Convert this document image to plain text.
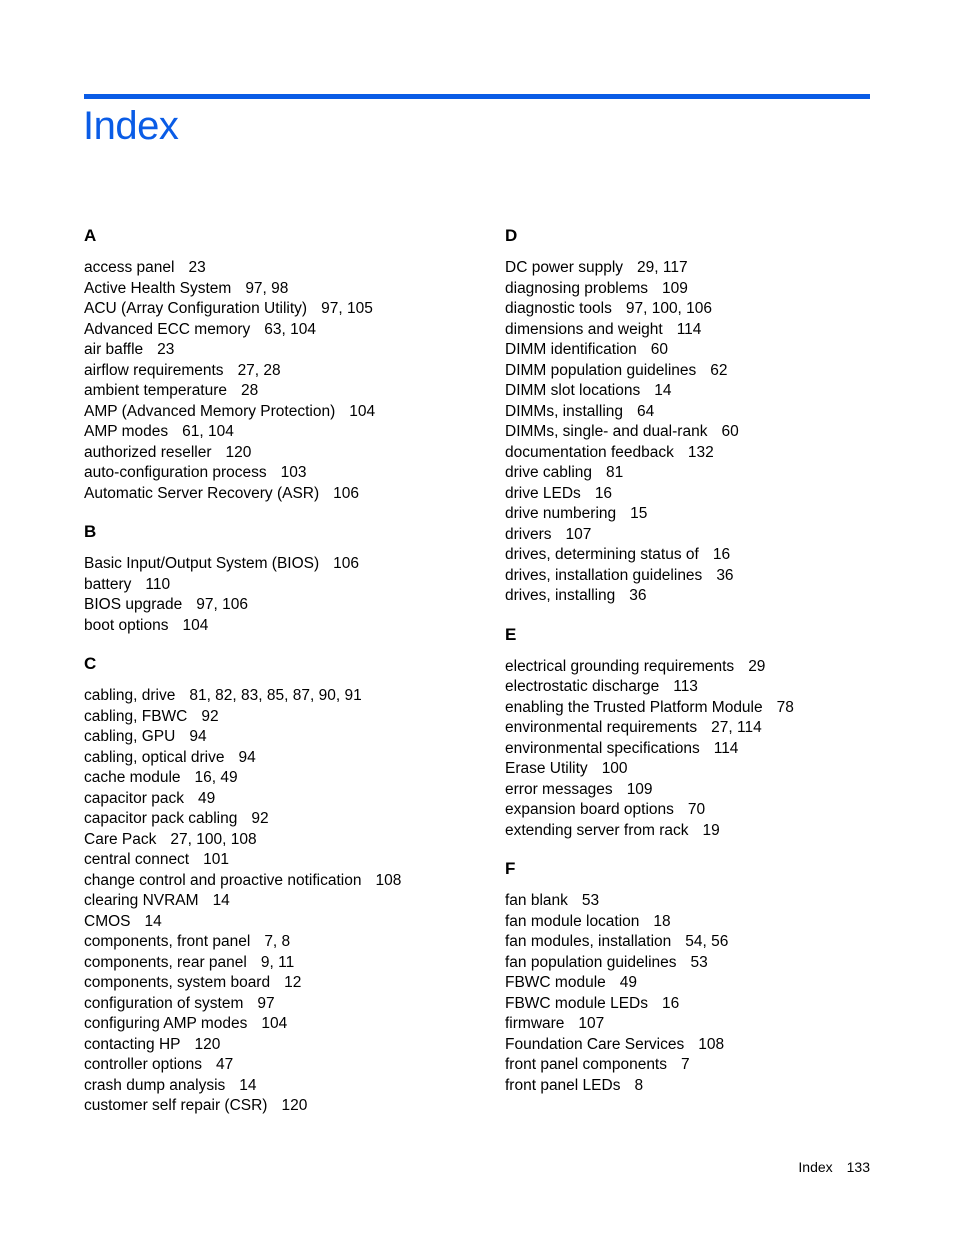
Index
A
access panel 23
Active Health System 97, 98
ACU (Array Configuration Utility) 97, 105
Advanced ECC memory 63, 104
air baffle 23
airflow requirements 27, 28
ambient temperature 28
AMP (Advanced Memory Protection) 104
AMP modes 61, 104
authorized reseller 120
auto-configuration process 103
Automatic Server Recovery (ASR) 106
B
Basic Input/Output System (BIOS) 106
battery 110
BIOS upgrade 97, 106
boot options 104
C
cabling, drive 81, 82, 83, 85, 87, 90, 91
cabling, FBWC 92
cabling, GPU 94
cabling, optical drive 94
cache module 16, 49
capacitor pack 49
capacitor pack cabling 92
Care Pack 27, 100, 108
central connect 101
change control and proactive notification 108
clearing NVRAM 14
CMOS 14
components, front panel 7, 8
components, rear panel 9, 11
components, system board 12
configuration of system 97
configuring AMP modes 104
contacting HP 120
controller options 47
crash dump analysis 14
customer self repair (CSR) 120
D
DC power supply 29, 117
diagnosing problems 109
diagnostic tools 97, 100, 106
dimensions and weight 114
DIMM identification 60
DIMM population guidelines 62
DIMM slot locations 14
DIMMs, installing 64
DIMMs, single- and dual-rank 60
documentation feedback 132
drive cabling 81
drive LEDs 16
drive numbering 15
drivers 107
drives, determining status of 16
drives, installation guidelines 36
drives, installing 36
E
electrical grounding requirements 29
electrostatic discharge 113
enabling the Trusted Platform Module 78
environmental requirements 27, 114
environmental specifications 114
Erase Utility 100
error messages 109
expansion board options 70
extending server from rack 19
F
fan blank 53
fan module location 18
fan modules, installation 54, 56
fan population guidelines 53
FBWC module 49
FBWC module LEDs 16
firmware 107
Foundation Care Services 108
front panel components 7
front panel LEDs 8
Index 133
